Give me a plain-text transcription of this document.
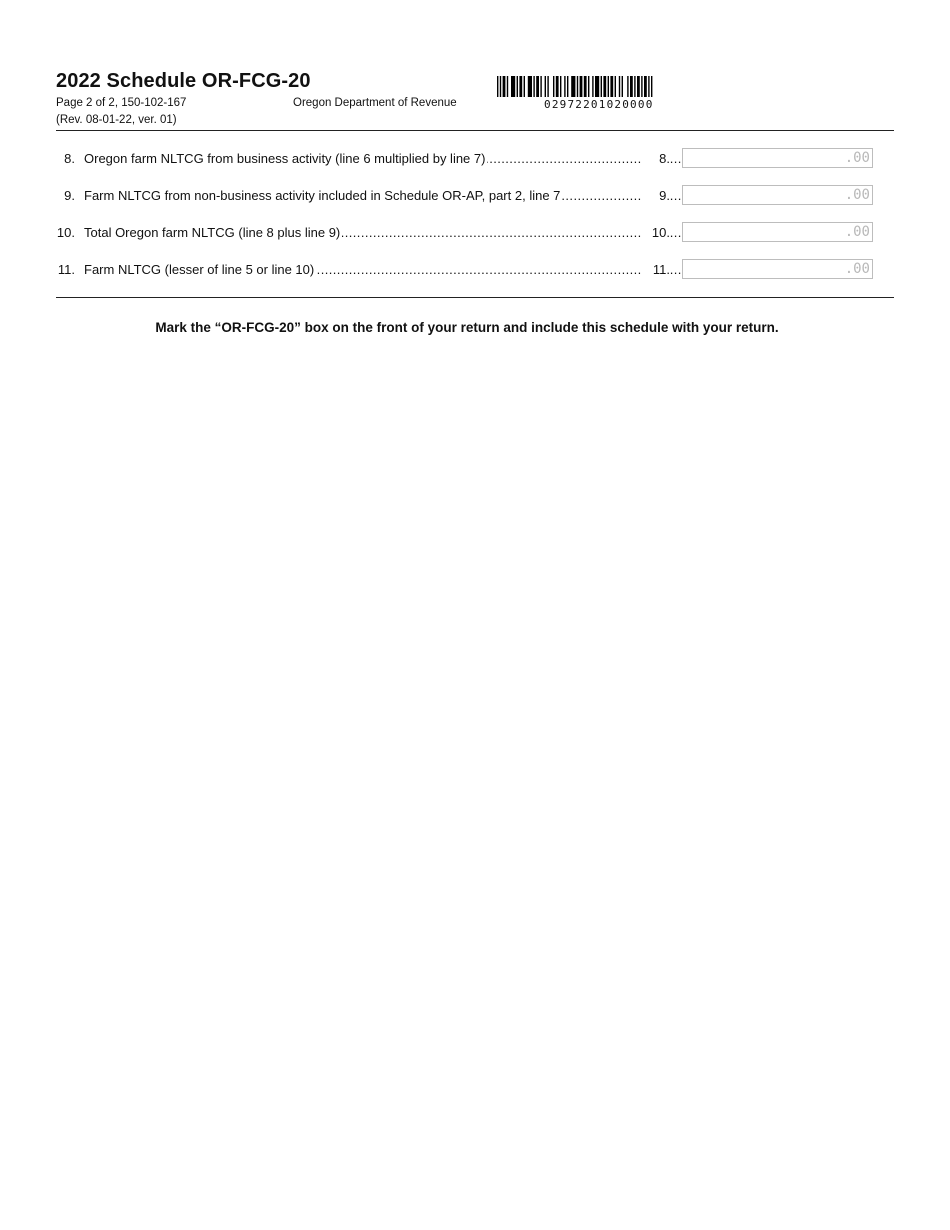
2022 Schedule OR-FCG-20
Page 2 of 2, 150-102-167
(Rev. 08-01-22, ver. 01)
Oregon Department of Revenue	02972201020000
8. ..... Oregon farm NLTCG from business activity (line 6 multiplied by line 7)	8.	.00
9. ..... Farm NLTCG from non-business activity included in Schedule OR-AP, part 2, line 7	9.	.00
10. ..... Total Oregon farm NLTCG (line 8 plus line 9)	10.	.00
11. ..... Farm NLTCG (lesser of line 5 or line 10)	11.	.00
Mark the “OR-FCG-20” box on the front of your return and include this schedule with your return.
